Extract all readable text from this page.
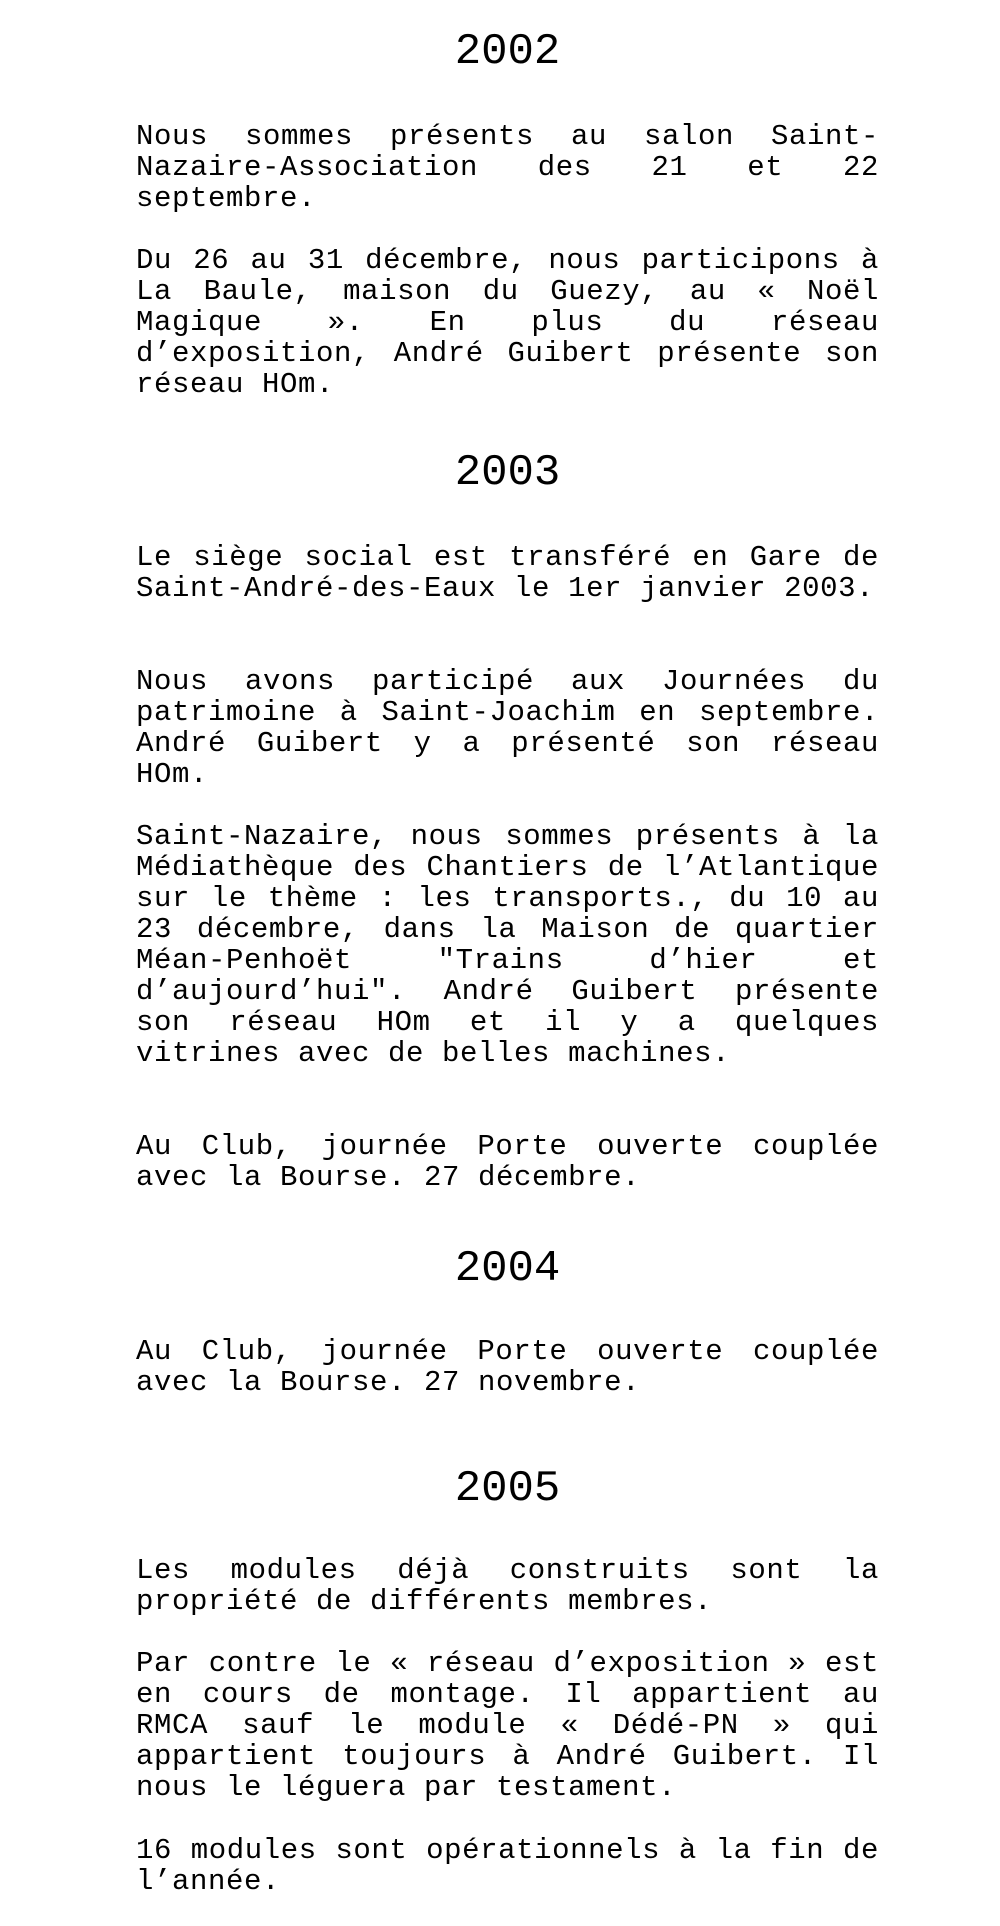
2002

Nous sommes présents au salon Saint-Nazaire-Association des 21 et 22 septembre.

Du 26 au 31 décembre, nous participons à La Baule, maison du Guezy, au « Noël Magique ». En plus du réseau d’exposition, André Guibert présente son réseau HOm.

2003

Le siège social est transféré en Gare de Saint-André-des-Eaux le 1er janvier 2003.

Nous avons participé aux Journées du patrimoine à Saint-Joachim en septembre. André Guibert y a présenté son réseau HOm.

Saint-Nazaire, nous sommes présents à la Médiathèque des Chantiers de l’Atlantique sur le thème : les transports., du 10 au 23 décembre, dans la Maison de quartier Méan-Penhoët "Trains d’hier et d’aujourd’hui". André Guibert présente son réseau HOm et il y a quelques vitrines avec de belles machines.

Au Club, journée Porte ouverte couplée avec la Bourse. 27 décembre.

2004

Au Club, journée Porte ouverte couplée avec la Bourse. 27 novembre.

2005

Les modules déjà construits sont la propriété de différents membres.

Par contre le « réseau d’exposition » est en cours de montage. Il appartient au RMCA sauf le module « Dédé-PN » qui appartient toujours à André Guibert. Il nous le léguera par testament.

16 modules sont opérationnels à la fin de l’année.
